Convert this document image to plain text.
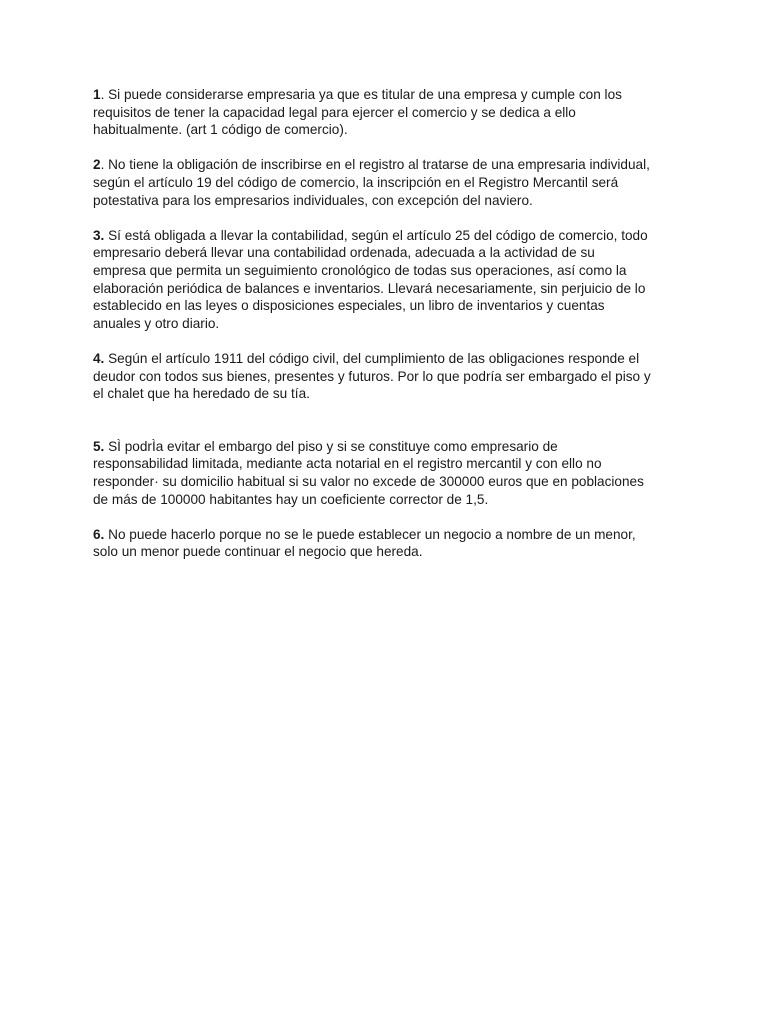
1. Si puede considerarse empresaria ya que es titular de una empresa y cumple con los
requisitos de tener la capacidad legal para ejercer el comercio y se dedica a ello
habitualmente. (art 1 código de comercio).

2. No tiene la obligación de inscribirse en el registro al tratarse de una empresaria individual,
según el artículo 19 del código de comercio, la inscripción en el Registro Mercantil será
potestativa para los empresarios individuales, con excepción del naviero.

3. Sí está obligada a llevar la contabilidad, según el artículo 25 del código de comercio, todo
empresario deberá llevar una contabilidad ordenada, adecuada a la actividad de su
empresa que permita un seguimiento cronológico de todas sus operaciones, así como la
elaboración periódica de balances e inventarios. Llevará necesariamente, sin perjuicio de lo
establecido en las leyes o disposiciones especiales, un libro de inventarios y cuentas
anuales y otro diario.

4. Según el artículo 1911 del código civil, del cumplimiento de las obligaciones responde el
deudor con todos sus bienes, presentes y futuros. Por lo que podría ser embargado el piso y
el chalet que ha heredado de su tía.

5. SÌ podrÌa evitar el embargo del piso y si se constituye como empresario de
responsabilidad limitada, mediante acta notarial en el registro mercantil y con ello no
responder· su domicilio habitual si su valor no excede de 300000 euros que en poblaciones
de más de 100000 habitantes hay un coeficiente corrector de 1,5.

6. No puede hacerlo porque no se le puede establecer un negocio a nombre de un menor,
solo un menor puede continuar el negocio que hereda.
